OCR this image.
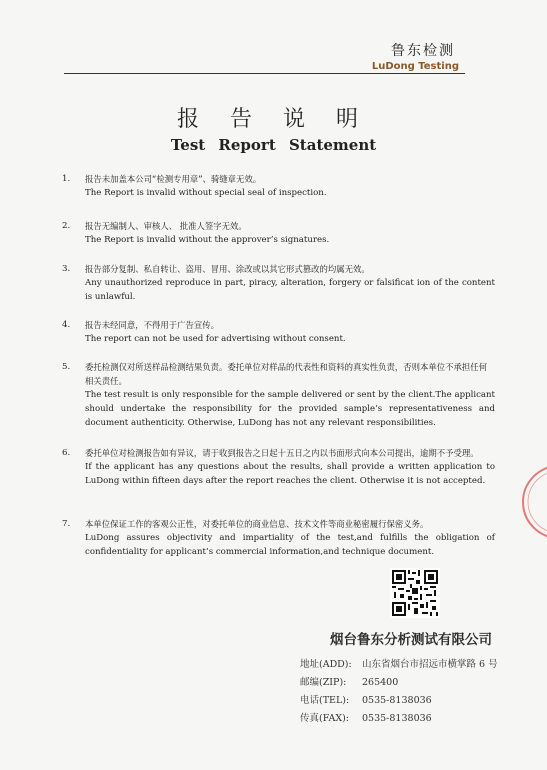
鲁东检测
LuDong Testing
报 告 说 明
Test Report Statement
1.	报告未加盖本公司“检测专用章”、骑缝章无效。
The Report is invalid without special seal of inspection.
2.	报告无编制人、审核人、 批准人签字无效。
The Report is invalid without the approver’s signatures.
3.	报告部分复制、私自转让、盗用、冒用、涂改或以其它形式篡改的均属无效。
Any unauthorized reproduce in part, piracy, alteration, forgery or falsificat ion of the content is unlawful.
4.	报告未经同意，不得用于广告宣传。
The report can not be used for advertising without consent.
5.	委托检测仅对所送样品检测结果负责。委托单位对样品的代表性和资料的真实性负责，否则本单位不承担任何相关责任。
The test result is only responsible for the sample delivered or sent by the client.The applicant should undertake the responsibility for the provided sample’s representativeness and document authenticity. Otherwise, LuDong has not any relevant responsibilities.
6.	委托单位对检测报告如有异议，请于收到报告之日起十五日之内以书面形式向本公司提出，逾期不予受理。
If the applicant has any questions about the results, shall provide a written application to LuDong within fifteen days after the report reaches the client. Otherwise it is not accepted.
7.	本单位保证工作的客观公正性，对委托单位的商业信息、技术文件等商业秘密履行保密义务。
LuDong assures objectivity and impartiality of the test,and fulfills the obligation of confidentiality for applicant’s commercial information,and technique document.
烟台鲁东分析测试有限公司
地址(ADD): 山东省烟台市招远市横掌路 6 号
邮编(ZIP): 265400
电话(TEL): 0535-8138036
传真(FAX): 0535-8138036
